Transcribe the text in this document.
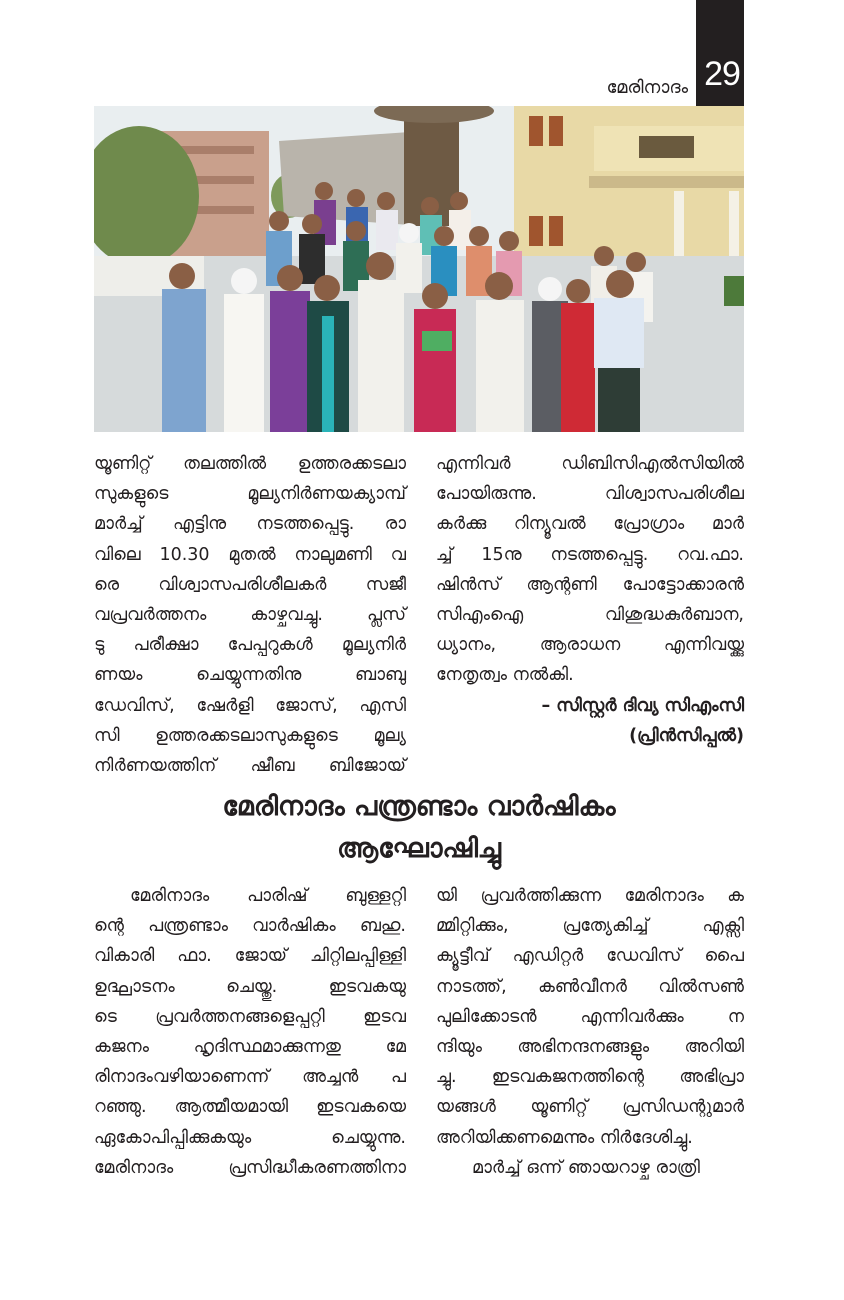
29
മേരിനാദം
യൂണിറ്റ് തലത്തിൽ ഉത്തരക്കടലാ
സുകളുടെ മൂല്യനിർണയക്യാമ്പ്
മാർച്ച് എട്ടിനു നടത്തപ്പെട്ടു. രാ
വിലെ 10.30 മുതൽ നാലുമണി വ
രെ വിശ്വാസപരിശീലകർ സജീ
വപ്രവർത്തനം കാഴ്ചവച്ചു. പ്ലസ്
ടു പരീക്ഷാ പേപ്പറുകൾ മൂല്യനിർ
ണയം ചെയ്യുന്നതിനു ബാബു
ഡേവിസ്, ഷേർളി ജോസ്, എസി
സി ഉത്തരക്കടലാസുകളുടെ മൂല്യ
നിർണയത്തിന് ഷീബ ബിജോയ്
എന്നിവർ ഡിബിസിഎൽസിയിൽ
പോയിരുന്നു. വിശ്വാസപരിശീല
കർക്കു റിന്യൂവൽ പ്രോഗ്രാം മാർ
ച്ച് 15നു നടത്തപ്പെട്ടു. റവ.ഫാ.
ഷിൻസ് ആന്റണി പോട്ടോക്കാരൻ
സിഎംഐ വിശുദ്ധകുർബാന,
ധ്യാനം, ആരാധന എന്നിവയ്ക്കു
നേതൃത്വം നൽകി.
– സിസ്റ്റർ ദിവ്യ സിഎംസി
(പ്രിൻസിപ്പൽ)
മേരിനാദം പന്ത്രണ്ടാം വാർഷികം
ആഘോഷിച്ചു
മേരിനാദം പാരിഷ് ബുള്ളറ്റി
ന്റെ പന്ത്രണ്ടാം വാർഷികം ബഹു.
വികാരി ഫാ. ജോയ് ചിറ്റിലപ്പിള്ളി
ഉദ്ഘാടനം ചെയ്തു. ഇടവകയു
ടെ പ്രവർത്തനങ്ങളെപ്പറ്റി ഇടവ
കജനം ഹൃദിസ്ഥമാക്കുന്നതു മേ
രിനാദംവഴിയാണെന്ന് അച്ചൻ പ
റഞ്ഞു. ആത്മീയമായി ഇടവകയെ
ഏകോപിപ്പിക്കുകയും ചെയ്യുന്നു.
മേരിനാദം പ്രസിദ്ധീകരണത്തിനാ
യി പ്രവർത്തിക്കുന്ന മേരിനാദം ക
മ്മിറ്റിക്കും, പ്രത്യേകിച്ച് എക്സി
ക്യൂട്ടീവ് എഡിറ്റർ ഡേവിസ് പൈ
നാടത്ത്, കൺവീനർ വിൽസൺ
പുലിക്കോടൻ എന്നിവർക്കും ന
ന്ദിയും അഭിനന്ദനങ്ങളും അറിയി
ച്ചു. ഇടവകജനത്തിന്റെ അഭിപ്രാ
യങ്ങൾ യൂണിറ്റ് പ്രസിഡന്റുമാർ
അറിയിക്കണമെന്നും നിർദേശിച്ചു.
മാർച്ച് ഒന്ന് ഞായറാഴ്ച രാത്രി
